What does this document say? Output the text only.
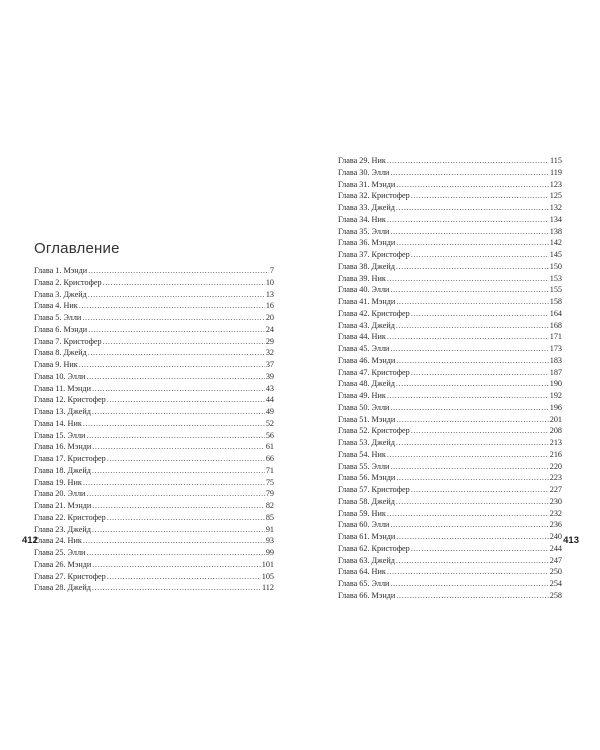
Оглавление
Глава 1. Мэнди .....	7
Глава 2. Кристофер .....	10
Глава 3. Джейд .....	13
Глава 4. Ник .....	16
Глава 5. Элли .....	20
Глава 6. Мэнди .....	24
Глава 7. Кристофер .....	29
Глава 8. Джейд .....	32
Глава 9. Ник .....	37
Глава 10. Элли .....	39
Глава 11. Мэнди .....	43
Глава 12. Кристофер .....	44
Глава 13. Джейд .....	49
Глава 14. Ник .....	52
Глава 15. Элли .....	56
Глава 16. Мэнди .....	61
Глава 17. Кристофер .....	66
Глава 18. Джейд .....	71
Глава 19. Ник .....	75
Глава 20. Элли .....	79
Глава 21. Мэнди .....	82
Глава 22. Кристофер .....	85
Глава 23. Джейд .....	91
Глава 24. Ник .....	93
Глава 25. Элли .....	99
Глава 26. Мэнди .....	101
Глава 27. Кристофер .....	105
Глава 28. Джейд .....	112

412

Глава 29. Ник .....	115
Глава 30. Элли .....	119
Глава 31. Мэнди .....	123
Глава 32. Кристофер .....	125
Глава 33. Джейд .....	132
Глава 34. Ник .....	134
Глава 35. Элли .....	138
Глава 36. Мэнди .....	142
Глава 37. Кристофер .....	145
Глава 38. Джейд .....	150
Глава 39. Ник .....	153
Глава 40. Элли .....	155
Глава 41. Мэнди .....	158
Глава 42. Кристофер .....	164
Глава 43. Джейд .....	168
Глава 44. Ник .....	171
Глава 45. Элли .....	173
Глава 46. Мэнди .....	183
Глава 47. Кристофер .....	187
Глава 48. Джейд .....	190
Глава 49. Ник .....	192
Глава 50. Элли .....	196
Глава 51. Мэнди .....	201
Глава 52. Кристофер .....	208
Глава 53. Джейд .....	213
Глава 54. Ник .....	216
Глава 55. Элли .....	220
Глава 56. Мэнди .....	223
Глава 57. Кристофер .....	227
Глава 58. Джейд .....	230
Глава 59. Ник .....	232
Глава 60. Элли .....	236
Глава 61. Мэнди .....	240
Глава 62. Кристофер .....	244
Глава 63. Джейд .....	247
Глава 64. Ник .....	250
Глава 65. Элли .....	254
Глава 66. Мэнди .....	258

413
